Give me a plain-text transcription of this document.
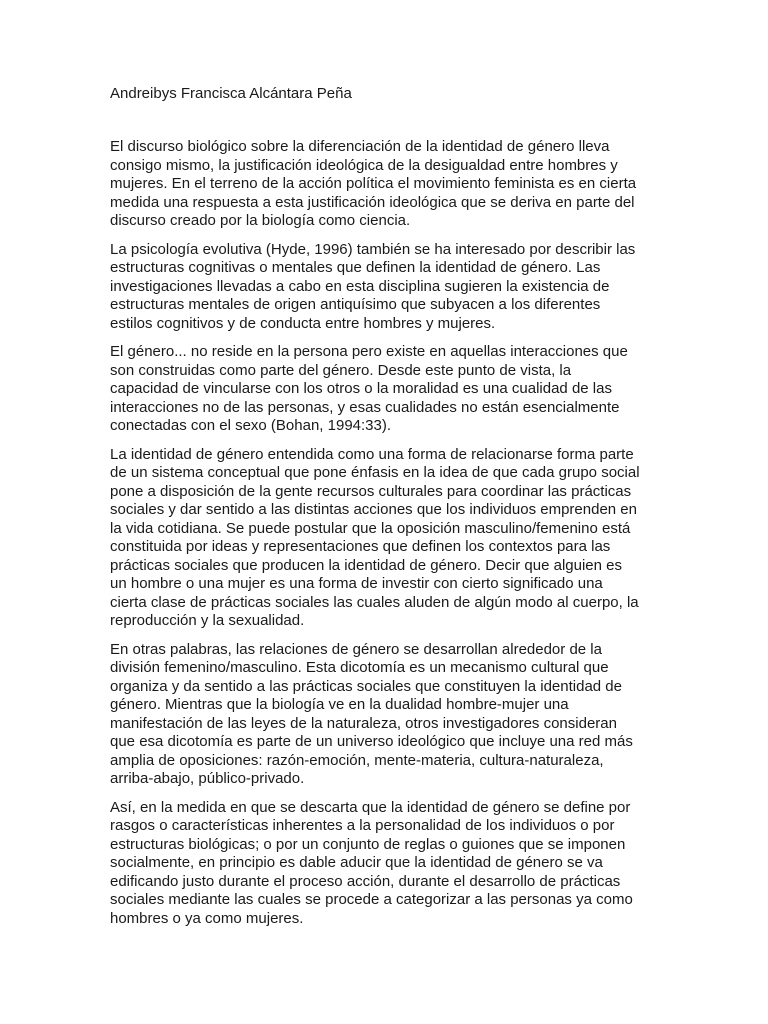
Andreibys Francisca Alcántara Peña

El discurso biológico sobre la diferenciación de la identidad de género lleva
consigo mismo, la justificación ideológica de la desigualdad entre hombres y
mujeres. En el terreno de la acción política el movimiento feminista es en cierta
medida una respuesta a esta justificación ideológica que se deriva en parte del
discurso creado por la biología como ciencia.

La psicología evolutiva (Hyde, 1996) también se ha interesado por describir las
estructuras cognitivas o mentales que definen la identidad de género. Las
investigaciones llevadas a cabo en esta disciplina sugieren la existencia de
estructuras mentales de origen antiquísimo que subyacen a los diferentes
estilos cognitivos y de conducta entre hombres y mujeres.

El género... no reside en la persona pero existe en aquellas interacciones que
son construidas como parte del género. Desde este punto de vista, la
capacidad de vincularse con los otros o la moralidad es una cualidad de las
interacciones no de las personas, y esas cualidades no están esencialmente
conectadas con el sexo (Bohan, 1994:33).

La identidad de género entendida como una forma de relacionarse forma parte
de un sistema conceptual que pone énfasis en la idea de que cada grupo social
pone a disposición de la gente recursos culturales para coordinar las prácticas
sociales y dar sentido a las distintas acciones que los individuos emprenden en
la vida cotidiana. Se puede postular que la oposición masculino/femenino está
constituida por ideas y representaciones que definen los contextos para las
prácticas sociales que producen la identidad de género. Decir que alguien es
un hombre o una mujer es una forma de investir con cierto significado una
cierta clase de prácticas sociales las cuales aluden de algún modo al cuerpo, la
reproducción y la sexualidad.

En otras palabras, las relaciones de género se desarrollan alrededor de la
división femenino/masculino. Esta dicotomía es un mecanismo cultural que
organiza y da sentido a las prácticas sociales que constituyen la identidad de
género. Mientras que la biología ve en la dualidad hombre-mujer una
manifestación de las leyes de la naturaleza, otros investigadores consideran
que esa dicotomía es parte de un universo ideológico que incluye una red más
amplia de oposiciones: razón-emoción, mente-materia, cultura-naturaleza,
arriba-abajo, público-privado.

Así, en la medida en que se descarta que la identidad de género se define por
rasgos o características inherentes a la personalidad de los individuos o por
estructuras biológicas; o por un conjunto de reglas o guiones que se imponen
socialmente, en principio es dable aducir que la identidad de género se va
edificando justo durante el proceso acción, durante el desarrollo de prácticas
sociales mediante las cuales se procede a categorizar a las personas ya como
hombres o ya como mujeres.
